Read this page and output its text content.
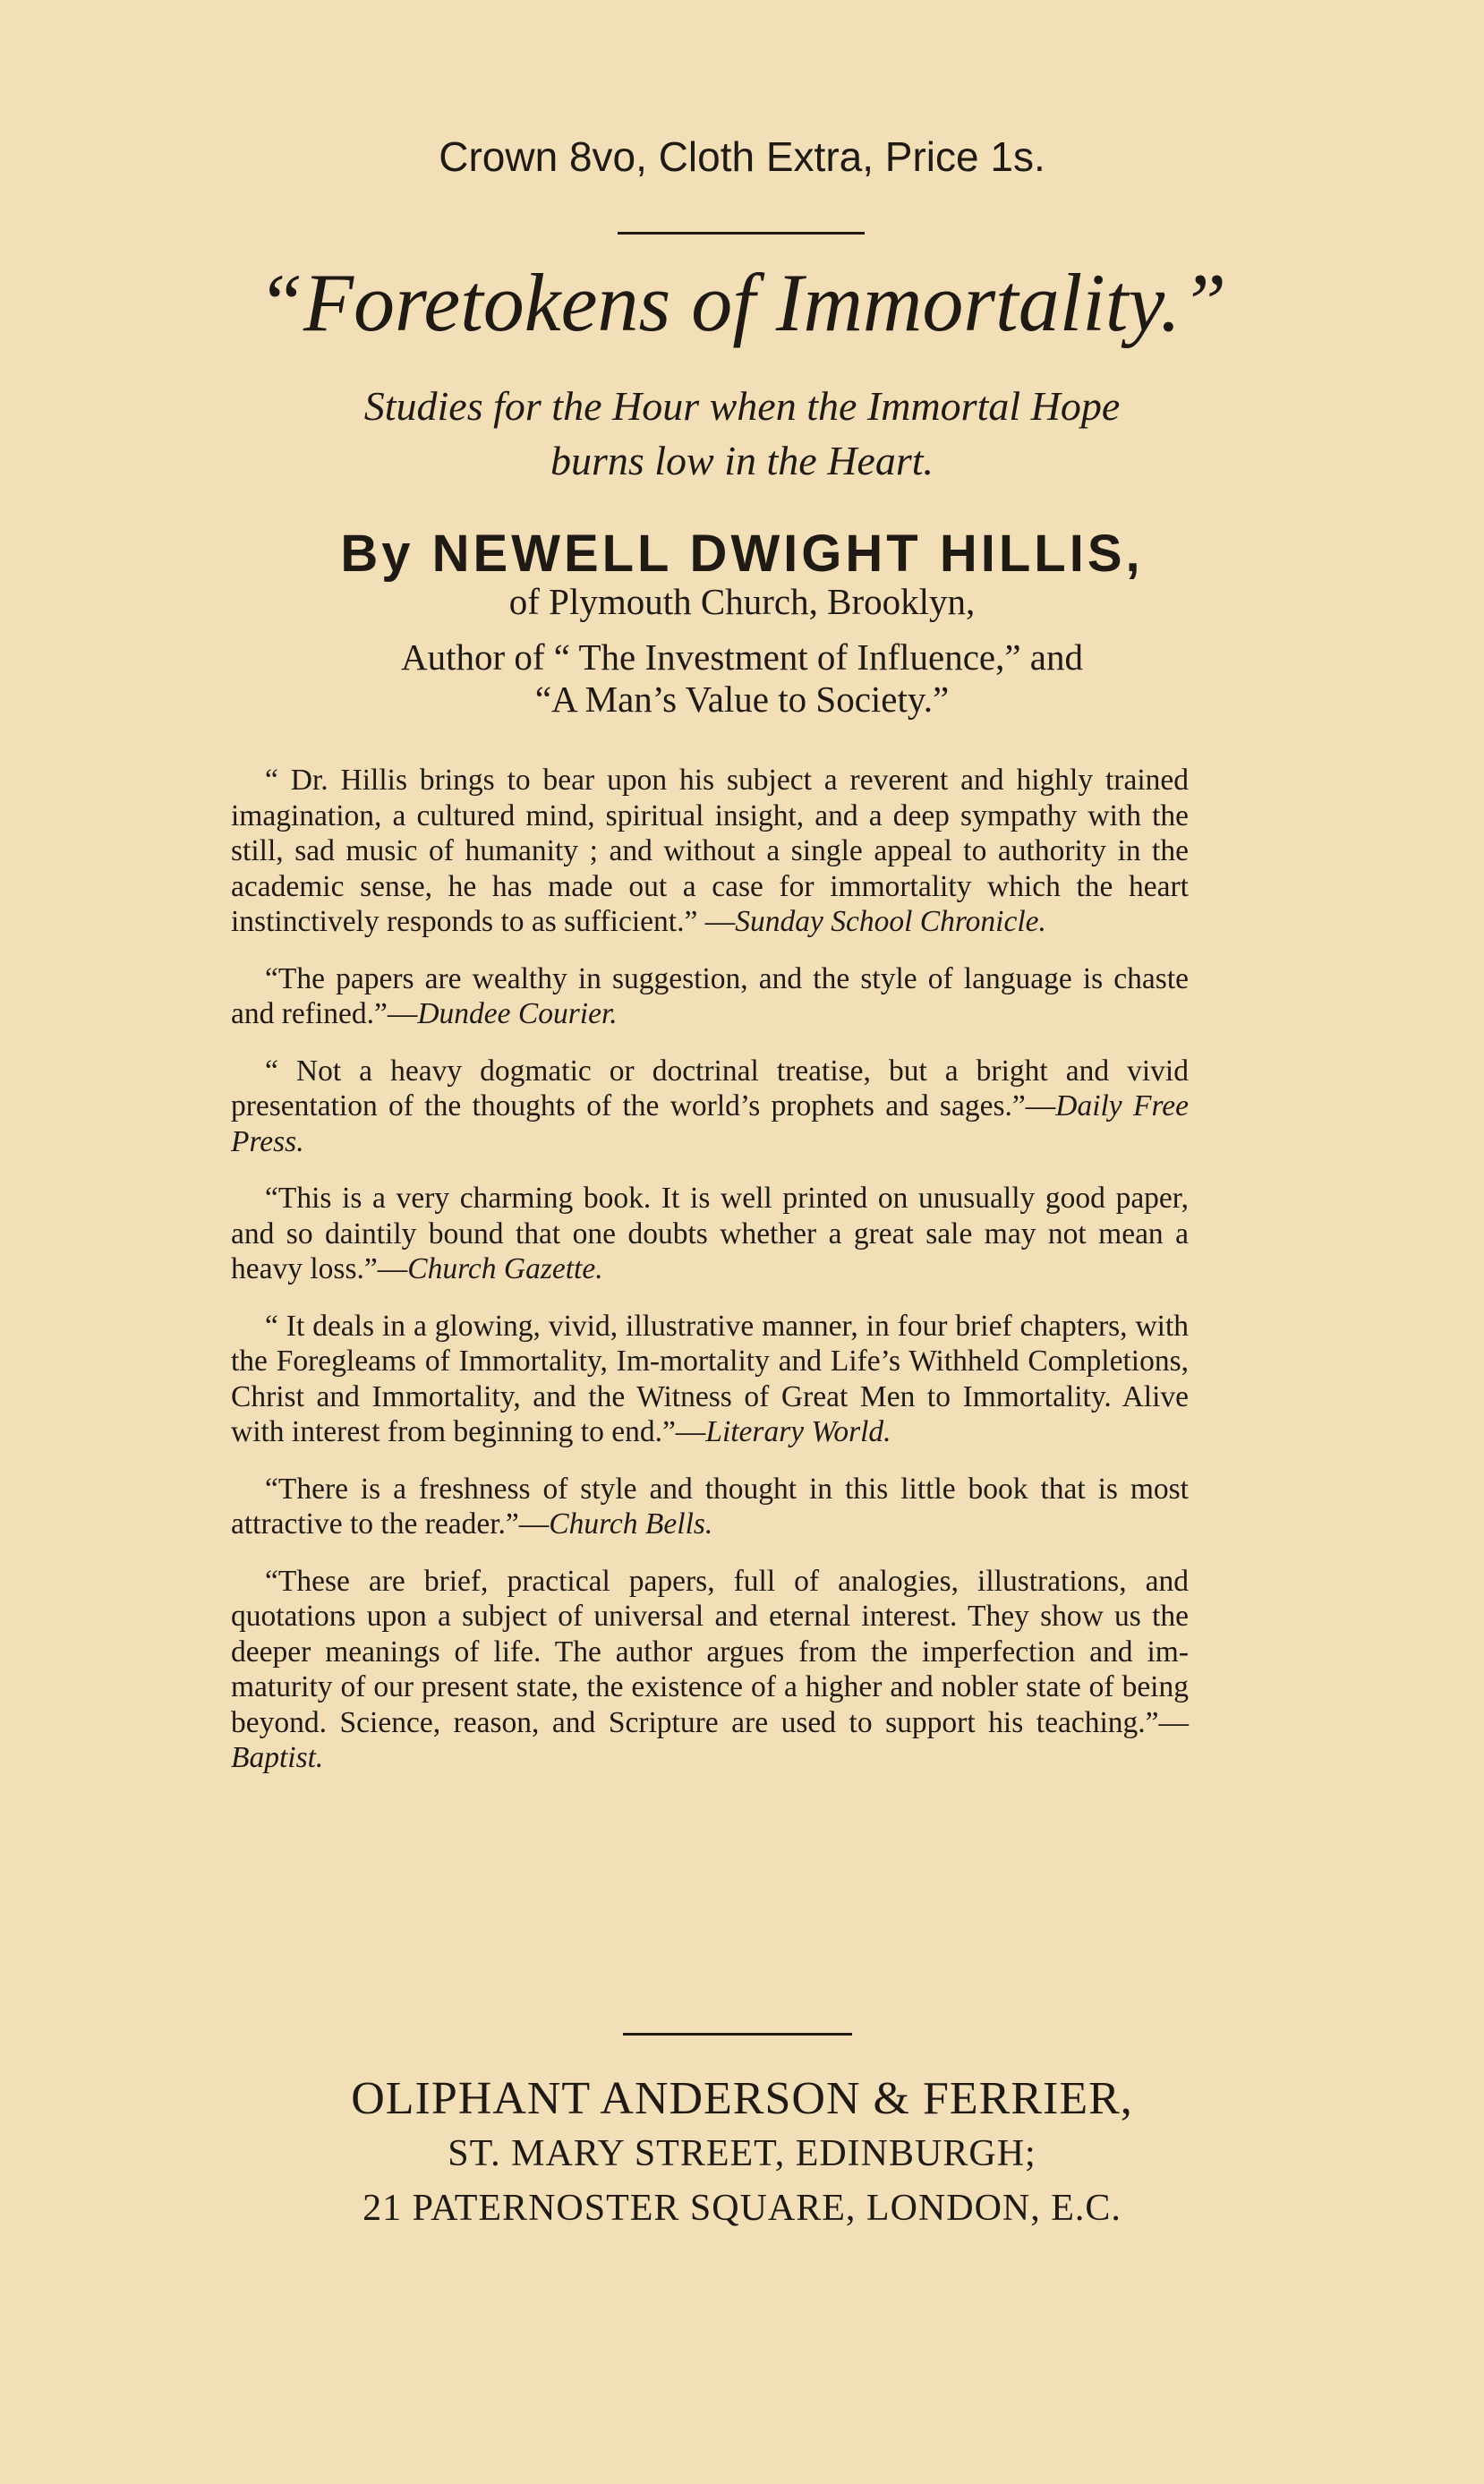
Crown 8vo, Cloth Extra, Price 1s.
“Foretokens of Immortality.”
Studies for the Hour when the Immortal Hope
burns low in the Heart.
By NEWELL DWIGHT HILLIS,
of Plymouth Church, Brooklyn,
Author of “ The Investment of Influence,” and
“A Man’s Value to Society.”

“ Dr. Hillis brings to bear upon his subject a reverent and highly trained imagination, a cultured mind, spiritual insight, and a deep sympathy with the still, sad music of humanity ; and without a single appeal to authority in the academic sense, he has made out a case for immortality which the heart instinctively responds to as sufficient.” —Sunday School Chronicle.

“The papers are wealthy in suggestion, and the style of language is chaste and refined.”—Dundee Courier.

“ Not a heavy dogmatic or doctrinal treatise, but a bright and vivid presentation of the thoughts of the world’s prophets and sages.”—Daily Free Press.

“This is a very charming book. It is well printed on unusually good paper, and so daintily bound that one doubts whether a great sale may not mean a heavy loss.”—Church Gazette.

“ It deals in a glowing, vivid, illustrative manner, in four brief chapters, with the Foregleams of Immortality, Im-mortality and Life’s Withheld Completions, Christ and Immortality, and the Witness of Great Men to Immortality. Alive with interest from beginning to end.”—Literary World.

“There is a freshness of style and thought in this little book that is most attractive to the reader.”—Church Bells.

“These are brief, practical papers, full of analogies, illustrations, and quotations upon a subject of universal and eternal interest. They show us the deeper meanings of life. The author argues from the imperfection and im-maturity of our present state, the existence of a higher and nobler state of being beyond. Science, reason, and Scripture are used to support his teaching.”—Baptist.

OLIPHANT ANDERSON & FERRIER,
ST. MARY STREET, EDINBURGH;
21 PATERNOSTER SQUARE, LONDON, E.C.
